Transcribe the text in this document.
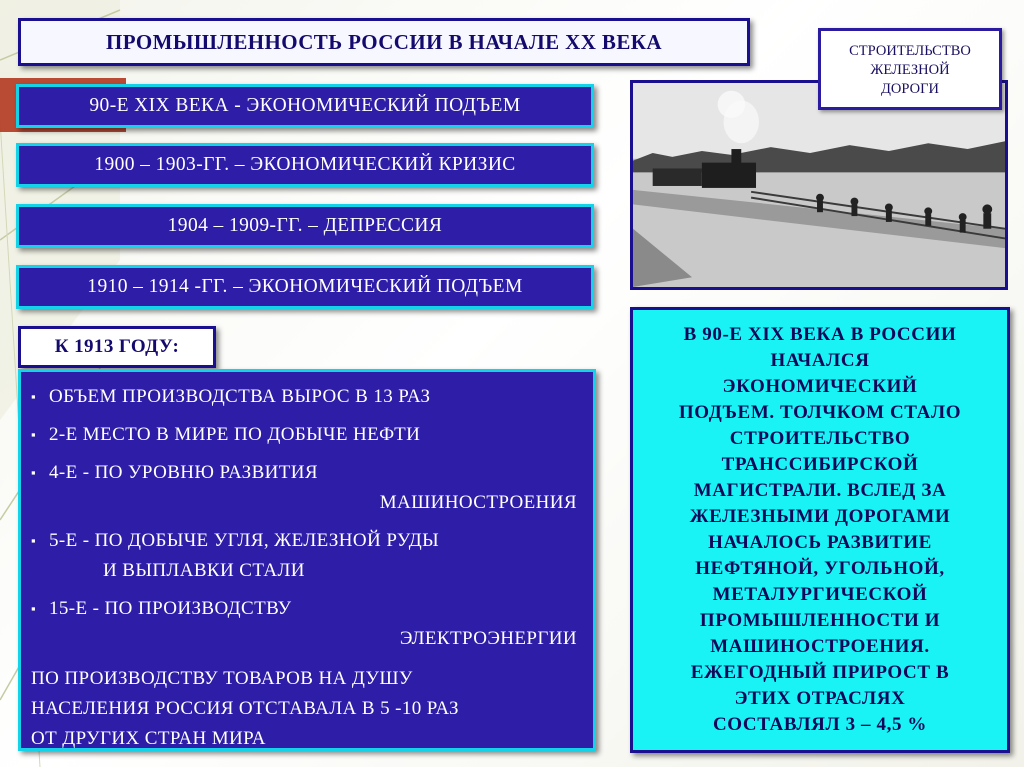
ПРОМЫШЛЕННОСТЬ РОССИИ В НАЧАЛЕ ХХ ВЕКА
90-Е XIX ВЕКА - ЭКОНОМИЧЕСКИЙ ПОДЪЕМ
1900 – 1903-ГГ. – ЭКОНОМИЧЕСКИЙ КРИЗИС
1904 – 1909-ГГ. – ДЕПРЕССИЯ
1910 – 1914 -ГГ. – ЭКОНОМИЧЕСКИЙ ПОДЪЕМ
К 1913 ГОДУ:
▪ ОБЪЕМ ПРОИЗВОДСТВА ВЫРОС В 13 РАЗ
▪ 2-Е МЕСТО В МИРЕ ПО ДОБЫЧЕ НЕФТИ
▪ 4-Е - ПО УРОВНЮ РАЗВИТИЯ
МАШИНОСТРОЕНИЯ
▪ 5-Е - ПО ДОБЫЧЕ УГЛЯ, ЖЕЛЕЗНОЙ РУДЫ
И ВЫПЛАВКИ СТАЛИ
▪ 15-Е - ПО ПРОИЗВОДСТВУ
ЭЛЕКТРОЭНЕРГИИ
ПО ПРОИЗВОДСТВУ ТОВАРОВ НА ДУШУ
НАСЕЛЕНИЯ РОССИЯ ОТСТАВАЛА В 5 -10 РАЗ
ОТ ДРУГИХ СТРАН МИРА
СТРОИТЕЛЬСТВО
ЖЕЛЕЗНОЙ
ДОРОГИ
В 90-Е XIX ВЕКА В РОССИИ
НАЧАЛСЯ
ЭКОНОМИЧЕСКИЙ
ПОДЪЕМ. ТОЛЧКОМ СТАЛО
СТРОИТЕЛЬСТВО
ТРАНССИБИРСКОЙ
МАГИСТРАЛИ. ВСЛЕД ЗА
ЖЕЛЕЗНЫМИ ДОРОГАМИ
НАЧАЛОСЬ РАЗВИТИЕ
НЕФТЯНОЙ, УГОЛЬНОЙ,
МЕТАЛУРГИЧЕСКОЙ
ПРОМЫШЛЕННОСТИ И
МАШИНОСТРОЕНИЯ.
ЕЖЕГОДНЫЙ ПРИРОСТ В
ЭТИХ ОТРАСЛЯХ
СОСТАВЛЯЛ 3 – 4,5 %
